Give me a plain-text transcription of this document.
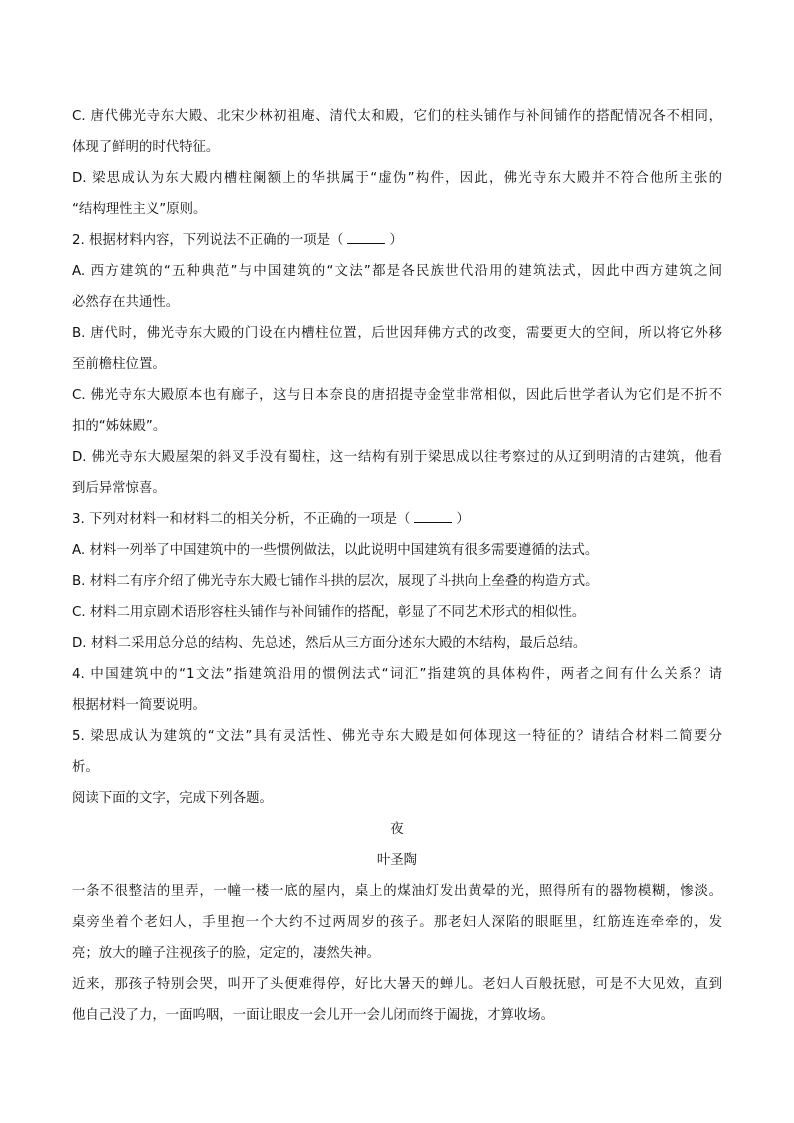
C. 唐代佛光寺东大殿、北宋少林初祖庵、清代太和殿，它们的柱头铺作与补间铺作的搭配情况各不相同，
体现了鲜明的时代特征。
D. 梁思成认为东大殿内槽柱阑额上的华拱属于“虚伪”构件，因此，佛光寺东大殿并不符合他所主张的
“结构理性主义”原则。
2. 根据材料内容，下列说法不正确的一项是（	）
A. 西方建筑的“五种典范”与中国建筑的“文法”都是各民族世代沿用的建筑法式，因此中西方建筑之间
必然存在共通性。
B. 唐代时，佛光寺东大殿的门设在内槽柱位置，后世因拜佛方式的改变，需要更大的空间，所以将它外移
至前檐柱位置。
C. 佛光寺东大殿原本也有廊子，这与日本奈良的唐招提寺金堂非常相似，因此后世学者认为它们是不折不
扣的“姊妹殿”。
D. 佛光寺东大殿屋架的斜叉手没有蜀柱，这一结构有别于梁思成以往考察过的从辽到明清的古建筑，他看
到后异常惊喜。
3. 下列对材料一和材料二的相关分析，不正确的一项是（	）
A. 材料一列举了中国建筑中的一些惯例做法，以此说明中国建筑有很多需要遵循的法式。
B. 材料二有序介绍了佛光寺东大殿七铺作斗拱的层次，展现了斗拱向上垒叠的构造方式。
C. 材料二用京剧术语形容柱头铺作与补间铺作的搭配，彰显了不同艺术形式的相似性。
D. 材料二采用总分总的结构、先总述，然后从三方面分述东大殿的木结构，最后总结。
4. 中国建筑中的“1文法”指建筑沿用的惯例法式“词汇”指建筑的具体构件，两者之间有什么关系？请
根据材料一简要说明。
5. 梁思成认为建筑的“文法”具有灵活性、佛光寺东大殿是如何体现这一特征的？请结合材料二简要分
析。
阅读下面的文字，完成下列各题。
夜
叶圣陶
一条不很整洁的里弄，一幢一楼一底的屋内，桌上的煤油灯发出黄晕的光，照得所有的器物模糊，惨淡。
桌旁坐着个老妇人，手里抱一个大约不过两周岁的孩子。那老妇人深陷的眼眶里，红筋连连牵牵的，发
亮；放大的瞳子注视孩子的脸，定定的，凄然失神。
近来，那孩子特别会哭，叫开了头便难得停，好比大暑天的蝉儿。老妇人百般抚慰，可是不大见效，直到
他自己没了力，一面呜咽，一面让眼皮一会儿开一会儿闭而终于阖拢，才算收场。
